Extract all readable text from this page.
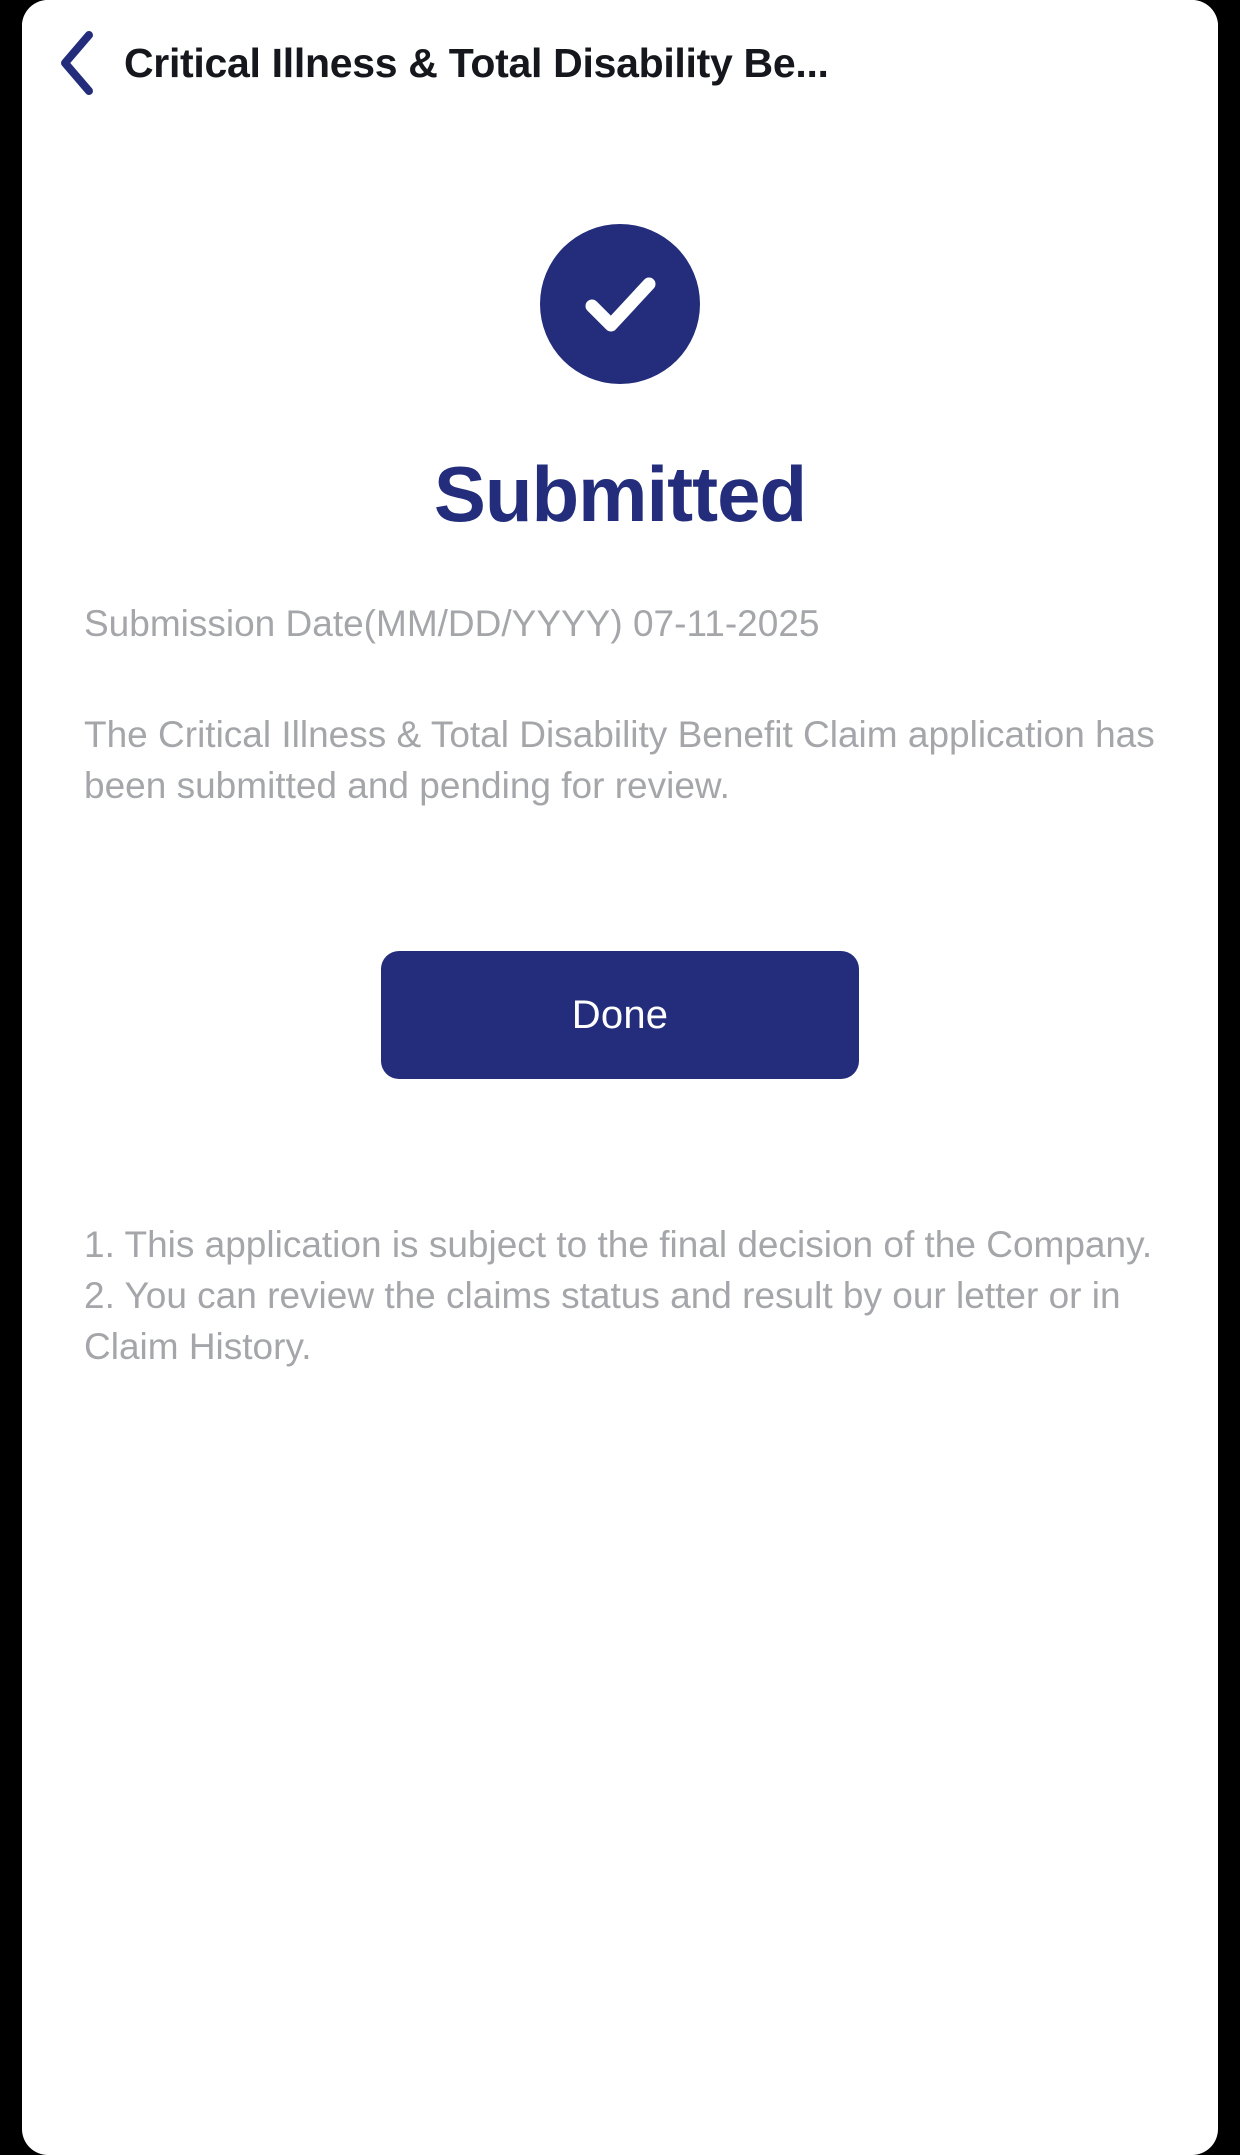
Critical Illness & Total Disability Be...
Submitted
Submission Date(MM/DD/YYYY) 07-11-2025
The Critical Illness & Total Disability Benefit Claim application has been submitted and pending for review.
Done
1. This application is subject to the final decision of the Company.
2. You can review the claims status and result by our letter or in Claim History.
